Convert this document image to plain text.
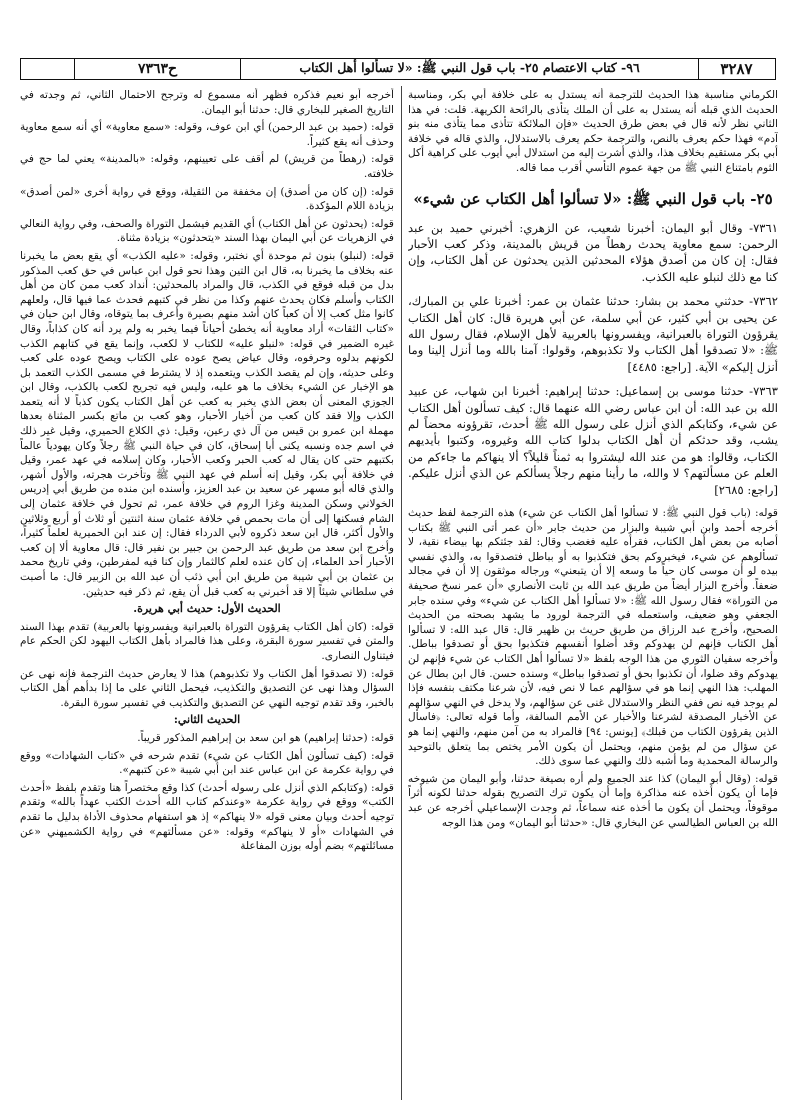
ح٧٣٦٣	٩٦- كتاب الاعتصام ٢٥- باب قول النبي ﷺ: «لا تسألوا أهل الكتاب	٣٢٨٧

الكرماني مناسبة هذا الحديث للترجمة أنه يستدل به على خلافة أبي بكر، ومناسبة الحديث الذي قبله أنه يستدل به على أن الملك يتأذى بالرائحة الكريهة. قلت: في هذا الثاني نظر لأنه قال في بعض طرق الحديث «فإن الملائكة تتأذى مما يتأذى منه بنو آدم» فهذا حكم يعرف بالنص، والترجمة حكم يعرف بالاستدلال، والذي قاله في خلافة أبي بكر مستقيم بخلاف هذا، والذي أشرت إليه من استدلال أبي أيوب على كراهية أكل الثوم بامتناع النبي ﷺ من جهة عموم التأسي أقرب مما قاله.

٢٥- باب قول النبي ﷺ: «لا تسألوا أهل الكتاب عن شيء»

٧٣٦١- وقال أبو اليمان: أخبرنا شعيب، عن الزهري: أخبرني حميد بن عبد الرحمن: سمع معاوية يحدث رهطاً من قريش بالمدينة، وذكر كعب الأحبار فقال: إن كان من أصدق هؤلاء المحدثين الذين يحدثون عن أهل الكتاب، وإن كنا مع ذلك لنبلو عليه الكذب.

٧٣٦٢- حدثني محمد بن بشار: حدثنا عثمان بن عمر: أخبرنا علي بن المبارك، عن يحيى بن أبي كثير، عن أبي سلمة، عن أبي هريرة قال: كان أهل الكتاب يقرؤون التوراة بالعبرانية، ويفسرونها بالعربية لأهل الإسلام، فقال رسول الله ﷺ: «لا تصدقوا أهل الكتاب ولا تكذبوهم، وقولوا: آمنا بالله وما أنزل إلينا وما أنزل إليكم» الآية. [راجع: ٤٤٨٥]

٧٣٦٣- حدثنا موسى بن إسماعيل: حدثنا إبراهيم: أخبرنا ابن شهاب، عن عبيد الله بن عبد الله: أن ابن عباس رضي الله عنهما قال: كيف تسألون أهل الكتاب عن شيء، وكتابكم الذي أنزل على رسول الله ﷺ أحدث، تقرؤونه محضاً لم يشب، وقد حدثكم أن أهل الكتاب بدلوا كتاب الله وغيروه، وكتبوا بأيديهم الكتاب، وقالوا: هو من عند الله ليشتروا به ثمناً قليلاً؟ ألا ينهاكم ما جاءكم من العلم عن مسألتهم؟ لا والله، ما رأينا منهم رجلاً يسألكم عن الذي أنزل عليكم. [راجع: ٢٦٨٥]

قوله: (باب قول النبي ﷺ: لا تسألوا أهل الكتاب عن شيء) هذه الترجمة لفظ حديث أخرجه أحمد وابن أبي شيبة والبزار من حديث جابر «أن عمر أتى النبي ﷺ بكتاب أصابه من بعض أهل الكتاب، فقرأه عليه فغضب وقال: لقد جئتكم بها بيضاء نقية، لا تسألوهم عن شيء، فيخبروكم بحق فتكذبوا به أو بباطل فتصدقوا به، والذي نفسي بيده لو أن موسى كان حياً ما وسعه إلا أن يتبعني» ورجاله موثقون إلا أن في مجالد ضعفاً. وأخرج البزار أيضاً من طريق عبد الله بن ثابت الأنصاري «أن عمر نسخ صحيفة من التوراة» فقال رسول الله ﷺ: «لا تسألوا أهل الكتاب عن شيء» وفي سنده جابر الجعفي وهو ضعيف، واستعمله في الترجمة لورود ما يشهد بصحته من الحديث الصحيح، وأخرج عبد الرزاق من طريق حريث بن ظهير قال: قال عبد الله: لا تسألوا أهل الكتاب فإنهم لن يهدوكم وقد أضلوا أنفسهم فتكذبوا بحق أو تصدقوا بباطل. وأخرجه سفيان الثوري من هذا الوجه بلفظ «لا تسألوا أهل الكتاب عن شيء فإنهم لن يهدوكم وقد ضلوا، أن تكذبوا بحق أو تصدقوا بباطل» وسنده حسن. قال ابن بطال عن المهلب: هذا النهي إنما هو في سؤالهم عما لا نص فيه، لأن شرعنا مكتف بنفسه فإذا لم يوجد فيه نص ففي النظر والاستدلال غنى عن سؤالهم، ولا يدخل في النهي سؤالهم عن الأخبار المصدقة لشرعنا والأخبار عن الأمم السالفة، وأما قوله تعالى: ﴿فاسأل الذين يقرؤون الكتاب من قبلك﴾ [يونس: ٩٤] فالمراد به من آمن منهم، والنهي إنما هو عن سؤال من لم يؤمن منهم، ويحتمل أن يكون الأمر يختص بما يتعلق بالتوحيد والرسالة المحمدية وما أشبه ذلك والنهي عما سوى ذلك.

قوله: (وقال أبو اليمان) كذا عند الجميع ولم أره بصيغة حدثنا، وأبو اليمان من شيوخه فإما أن يكون أخذه عنه مذاكرة وإما أن يكون ترك التصريح بقوله حدثنا لكونه أثراً موقوفاً، ويحتمل أن يكون ما أخذه عنه سماعاً، ثم وجدت الإسماعيلي أخرجه عن عبد الله بن العباس الطيالسي عن البخاري قال: «حدثنا أبو اليمان» ومن هذا الوجه

أخرجه أبو نعيم فذكره فظهر أنه مسموع له وترجح الاحتمال الثاني، ثم وجدته في التاريخ الصغير للبخاري قال: حدثنا أبو اليمان.

قوله: (حميد بن عبد الرحمن) أي ابن عوف، وقوله: «سمع معاوية» أي أنه سمع معاوية وحذف أنه يقع كثيراً.

قوله: (رهطاً من قريش) لم أقف على تعيينهم، وقوله: «بالمدينة» يعني لما حج في خلافته.

قوله: (إن كان من أصدق) إن مخففة من الثقيلة، ووقع في رواية أخرى «لمن أصدق» بزيادة اللام المؤكدة.

قوله: (يحدثون عن أهل الكتاب) أي القديم فيشمل التوراة والصحف، وفي رواية النعالي في الزهريات عن أبي اليمان بهذا السند «يتحدثون» بزيادة مثناة.

قوله: (لنبلو) بنون ثم موحدة أي نختبر، وقوله: «عليه الكذب» أي يقع بعض ما يخبرنا عنه بخلاف ما يخبرنا به، قال ابن التين وهذا نحو قول ابن عباس في حق كعب المذكور بدل من قبله فوقع في الكذب، قال والمراد بالمحدثين: أنداد كعب ممن كان من أهل الكتاب وأسلم فكان يحدث عنهم وكذا من نظر في كتبهم فحدث عما فيها قال، ولعلهم كانوا مثل كعب إلا أن كعباً كان أشد منهم بصيرة وأعرف بما يتوقاه، وقال ابن حبان في «كتاب الثقات» أراد معاوية أنه يخطئ أحياناً فيما يخبر به ولم يرد أنه كان كذاباً، وقال غيره الضمير في قوله: «لنبلو عليه» للكتاب لا لكعب، وإنما يقع في كتابهم الكذب لكونهم بدلوه وحرفوه، وقال عياض يصح عوده على الكتاب ويصح عوده على كعب وعلى حديثه، وإن لم يقصد الكذب ويتعمده إذ لا يشترط في مسمى الكذب التعمد بل هو الإخبار عن الشيء بخلاف ما هو عليه، وليس فيه تجريح لكعب بالكذب، وقال ابن الجوزي المعنى أن بعض الذي يخبر به كعب عن أهل الكتاب يكون كذباً لا أنه يتعمد الكذب وإلا فقد كان كعب من أخيار الأحبار، وهو كعب بن ماتع بكسر المثناة بعدها مهملة ابن عمرو بن قيس من آل ذي رعين، وقيل: ذي الكلاع الحميري، وقيل غير ذلك في اسم جده ونسبه يكنى أبا إسحاق، كان في حياة النبي ﷺ رجلاً وكان يهودياً عالماً بكتبهم حتى كان يقال له كعب الحبر وكعب الأحبار، وكان إسلامه في عهد عمر، وقيل في خلافة أبي بكر، وقيل إنه أسلم في عهد النبي ﷺ وتأخرت هجرته، والأول أشهر، والذي قاله أبو مسهر عن سعيد بن عبد العزيز، وأسنده ابن منده من طريق أبي إدريس الخولاني وسكن المدينة وغزا الروم في خلافة عمر، ثم تحول في خلافة عثمان إلى الشام فسكنها إلى أن مات بحمص في خلافة عثمان سنة اثنتين أو ثلاث أو أربع وثلاثين والأول أكثر، قال ابن سعد ذكروه لأبي الدرداء فقال: إن عند ابن الحميرية لعلماً كثيراً، وأخرج ابن سعد من طريق عبد الرحمن بن جبير بن نفير قال: قال معاوية ألا إن كعب الأحبار أحد العلماء، إن كان عنده لعلم كالثمار وإن كنا فيه لمفرطين، وفي تاريخ محمد بن عثمان بن أبي شيبة من طريق ابن أبي ذئب أن عبد الله بن الزبير قال: ما أصبت في سلطاني شيئاً إلا قد أخبرني به كعب قبل أن يقع، ثم ذكر فيه حديثين.

الحديث الأول: حديث أبي هريرة.

قوله: (كان أهل الكتاب يقرؤون التوراة بالعبرانية ويفسرونها بالعربية) تقدم بهذا السند والمتن في تفسير سورة البقرة، وعلى هذا فالمراد بأهل الكتاب اليهود لكن الحكم عام فيتناول النصارى.

قوله: (لا تصدقوا أهل الكتاب ولا تكذبوهم) هذا لا يعارض حديث الترجمة فإنه نهى عن السؤال وهذا نهى عن التصديق والتكذيب، فيحمل الثاني على ما إذا بدأهم أهل الكتاب بالخبر، وقد تقدم توجيه النهي عن التصديق والتكذيب في تفسير سورة البقرة.

الحديث الثاني:

قوله: (حدثنا إبراهيم) هو ابن سعد بن إبراهيم المذكور قريباً.

قوله: (كيف تسألون أهل الكتاب عن شيء) تقدم شرحه في «كتاب الشهادات» ووقع في رواية عكرمة عن ابن عباس عند ابن أبي شيبة «عن كتبهم».

قوله: (وكتابكم الذي أنزل على رسوله أحدث) كذا وقع مختصراً هنا وتقدم بلفظ «أحدث الكتب» ووقع في رواية عكرمة «وعندكم كتاب الله أحدث الكتب عهداً بالله» وتقدم توجيه أحدث وبيان معنى قوله «لا ينهاكم» إذ هو استفهام محذوف الأداة بدليل ما تقدم في الشهادات «أو لا ينهاكم» وقوله: «عن مسألتهم» في رواية الكشميهني «عن مسائلتهم» بضم أوله بوزن المفاعلة
